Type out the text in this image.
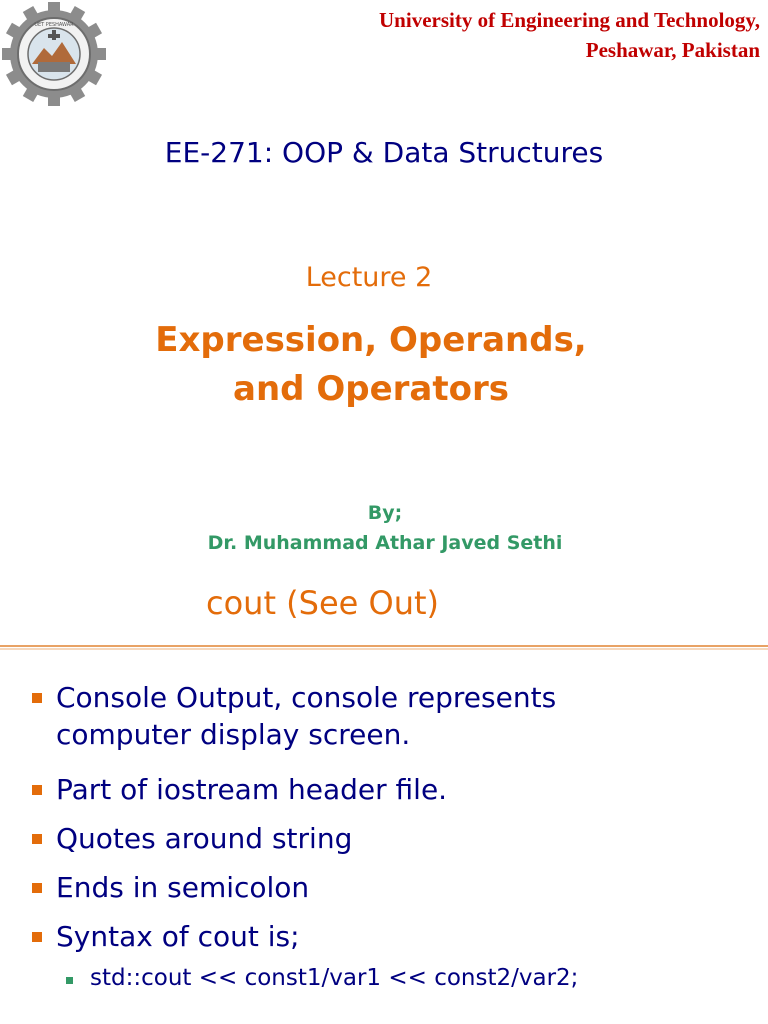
UET PESHAWAR	University of Engineering and Technology,
Peshawar, Pakistan
EE-271: OOP & Data Structures
Lecture 2
Expression, Operands,
and Operators
By;
Dr. Muhammad Athar Javed Sethi
cout (See Out)
Console Output, console represents
computer display screen.
Part of iostream header file.
Quotes around string
Ends in semicolon
Syntax of cout is;
std::cout << const1/var1 << const2/var2;
